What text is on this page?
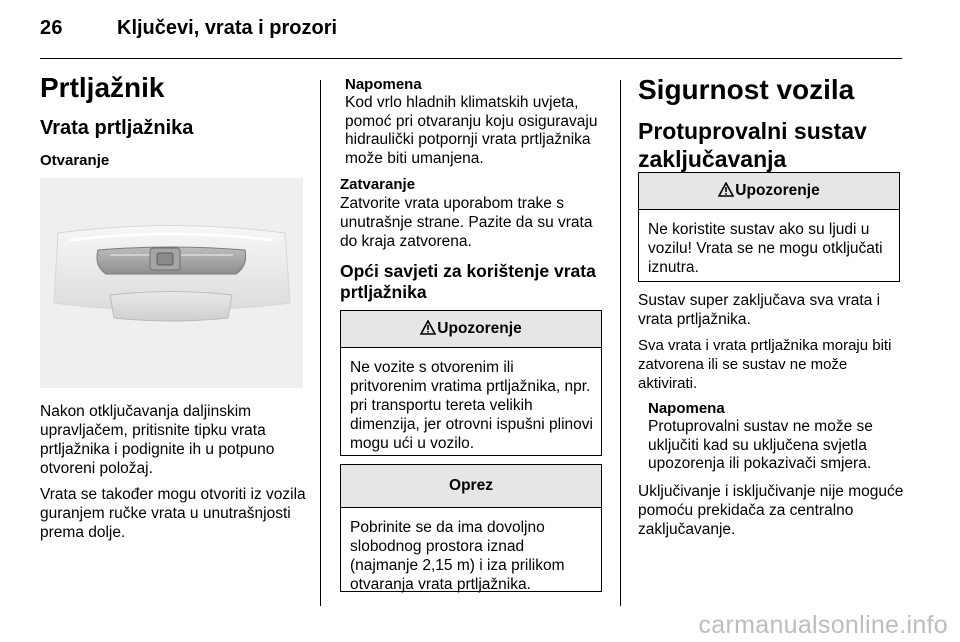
26	Ključevi, vrata i prozori
Prtljažnik
Vrata prtljažnika
Otvaranje

Nakon otključavanja daljinskim upravljačem, pritisnite tipku vrata prtljažnika i podignite ih u potpuno otvoreni položaj.

Vrata se također mogu otvoriti iz vozila guranjem ručke vrata u unutrašnjosti prema dolje.

Napomena

Kod vrlo hladnih klimatskih uvjeta, pomoć pri otvaranju koju osiguravaju hidraulički potpornji vrata prtljažnika može biti umanjena.

Zatvaranje

Zatvorite vrata uporabom trake s unutrašnje strane. Pazite da su vrata do kraja zatvorena.

Opći savjeti za korištenje vrata prtljažnika
Upozorenje
Ne vozite s otvorenim ili pritvorenim vratima prtljažnika, npr. pri transportu tereta velikih dimenzija, jer otrovni ispušni plinovi mogu ući u vozilo.
Oprez
Pobrinite se da ima dovoljno slobodnog prostora iznad (najmanje 2,15 m) i iza prilikom otvaranja vrata prtljažnika.
Sigurnost vozila
Protuprovalni sustav zaključavanja
Upozorenje
Ne koristite sustav ako su ljudi u vozilu! Vrata se ne mogu otključati iznutra.

Sustav super zaključava sva vrata i vrata prtljažnika.

Sva vrata i vrata prtljažnika moraju biti zatvorena ili se sustav ne može aktivirati.

Napomena

Protuprovalni sustav ne može se uključiti kad su uključena svjetla upozorenja ili pokazivači smjera.

Uključivanje i isključivanje nije moguće pomoću prekidača za centralno zaključavanje.

carmanualsonline.info
